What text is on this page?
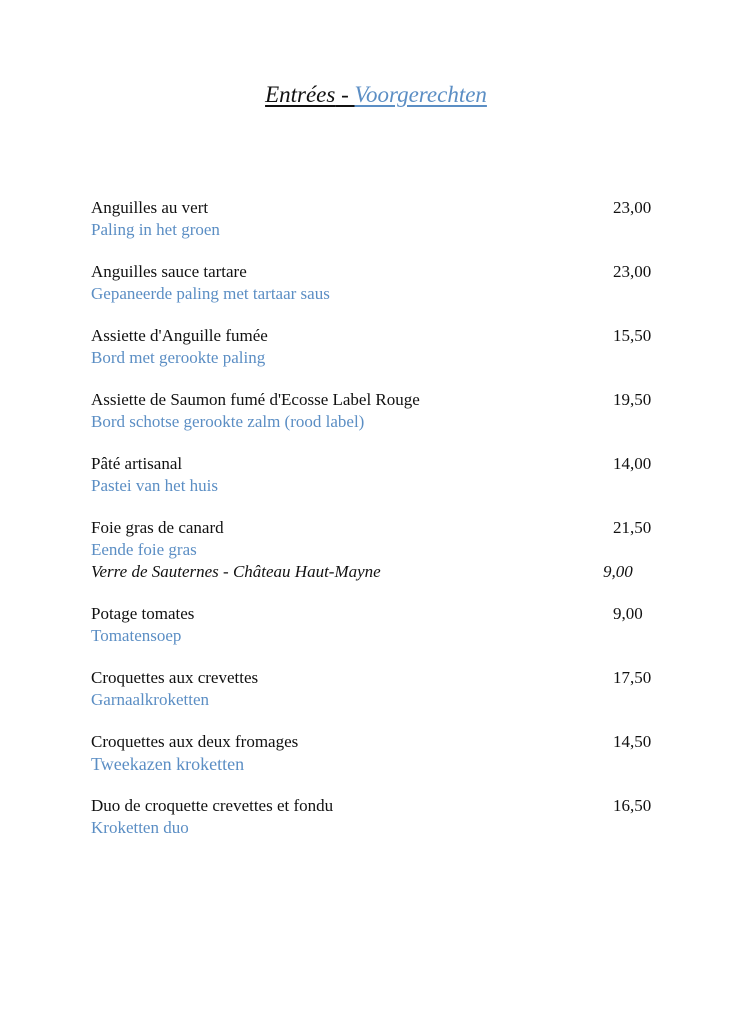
Entrées - Voorgerechten
Anguilles au vert	23,00
Paling in het groen
Anguilles sauce tartare	23,00
Gepaneerde paling met tartaar saus
Assiette d'Anguille fumée	15,50
Bord met gerookte paling
Assiette de Saumon fumé d'Ecosse Label Rouge	19,50
Bord schotse gerookte zalm (rood label)
Pâté artisanal	14,00
Pastei van het huis
Foie gras de canard	21,50
Eende foie gras
Verre de Sauternes - Château Haut-Mayne	9,00
Potage tomates	9,00
Tomatensoep
Croquettes aux crevettes	17,50
Garnaalkroketten
Croquettes aux deux fromages	14,50
Tweekazen kroketten
Duo de croquette crevettes et fondu	16,50
Kroketten duo
